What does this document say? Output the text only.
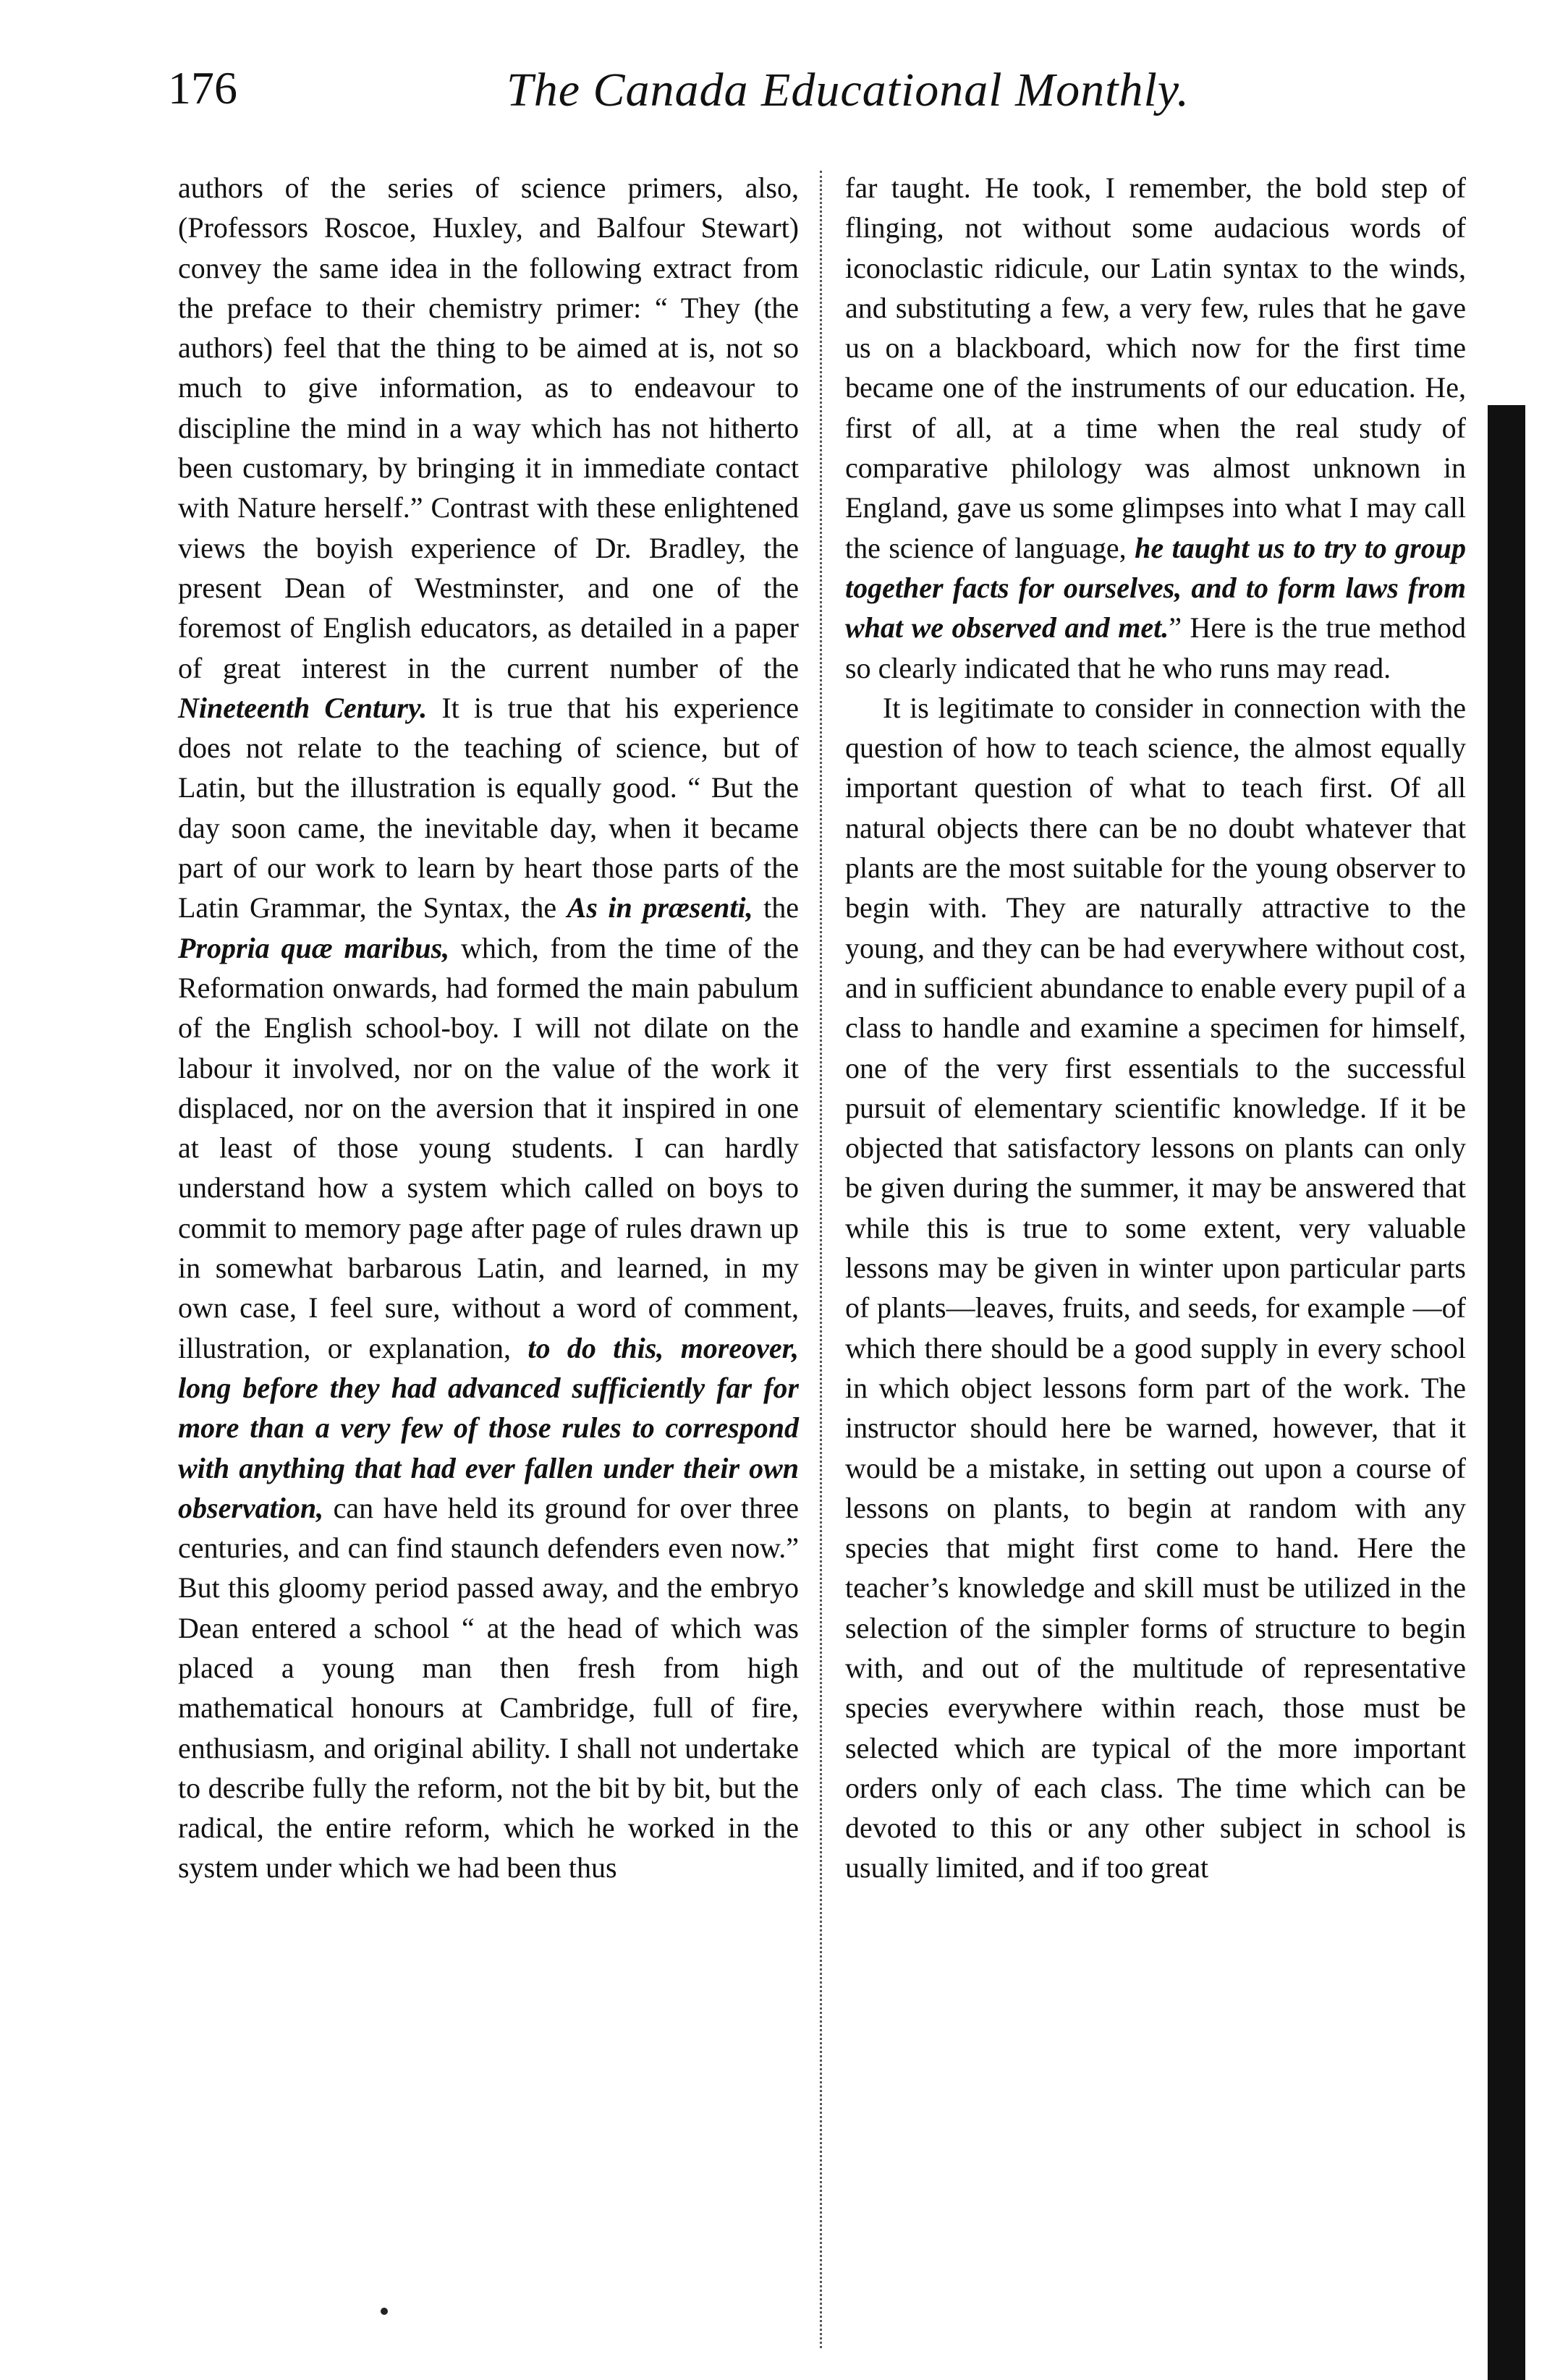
176	The Canada Educational Monthly.

authors of the series of science primers, also, (Professors Roscoe, Huxley, and Balfour Stewart) convey the same idea in the following extract from the preface to their chemistry primer: “ They (the authors) feel that the thing to be aimed at is, not so much to give information, as to endeavour to discipline the mind in a way which has not hitherto been customary, by bringing it in immediate contact with Nature herself.” Contrast with these enlightened views the boyish experience of Dr. Bradley, the present Dean of Westminster, and one of the foremost of English educators, as detailed in a paper of great interest in the current number of the Nineteenth Century. It is true that his experience does not relate to the teaching of science, but of Latin, but the illustration is equally good. “ But the day soon came, the inevitable day, when it became part of our work to learn by heart those parts of the Latin Grammar, the Syntax, the As in præsenti, the Propria quæ maribus, which, from the time of the Reformation onwards, had formed the main pabulum of the English school-boy. I will not dilate on the labour it involved, nor on the value of the work it displaced, nor on the aversion that it inspired in one at least of those young students. I can hardly understand how a system which called on boys to commit to memory page after page of rules drawn up in somewhat barbarous Latin, and learned, in my own case, I feel sure, without a word of comment, illustration, or explanation, to do this, moreover, long before they had advanced sufficiently far for more than a very few of those rules to correspond with anything that had ever fallen under their own observation, can have held its ground for over three centuries, and can find staunch defenders even now.” But this gloomy period passed away, and the embryo Dean entered a school “ at the head of which was placed a young man then fresh from high mathematical honours at Cambridge, full of fire, enthusiasm, and original ability. I shall not undertake to describe fully the reform, not the bit by bit, but the radical, the entire reform, which he worked in the system under which we had been thus

far taught. He took, I remember, the bold step of flinging, not without some audacious words of iconoclastic ridicule, our Latin syntax to the winds, and substituting a few, a very few, rules that he gave us on a blackboard, which now for the first time became one of the instruments of our education. He, first of all, at a time when the real study of comparative philology was almost unknown in England, gave us some glimpses into what I may call the science of language, he taught us to try to group together facts for ourselves, and to form laws from what we observed and met.” Here is the true method so clearly indicated that he who runs may read.

It is legitimate to consider in connection with the question of how to teach science, the almost equally important question of what to teach first. Of all natural objects there can be no doubt whatever that plants are the most suitable for the young observer to begin with. They are naturally attractive to the young, and they can be had everywhere without cost, and in sufficient abundance to enable every pupil of a class to handle and examine a specimen for himself, one of the very first essentials to the successful pursuit of elementary scientific knowledge. If it be objected that satisfactory lessons on plants can only be given during the summer, it may be answered that while this is true to some extent, very valuable lessons may be given in winter upon particular parts of plants—leaves, fruits, and seeds, for example —of which there should be a good supply in every school in which object lessons form part of the work. The instructor should here be warned, however, that it would be a mistake, in setting out upon a course of lessons on plants, to begin at random with any species that might first come to hand. Here the teacher’s knowledge and skill must be utilized in the selection of the simpler forms of structure to begin with, and out of the multitude of representative species everywhere within reach, those must be selected which are typical of the more important orders only of each class. The time which can be devoted to this or any other subject in school is usually limited, and if too great
